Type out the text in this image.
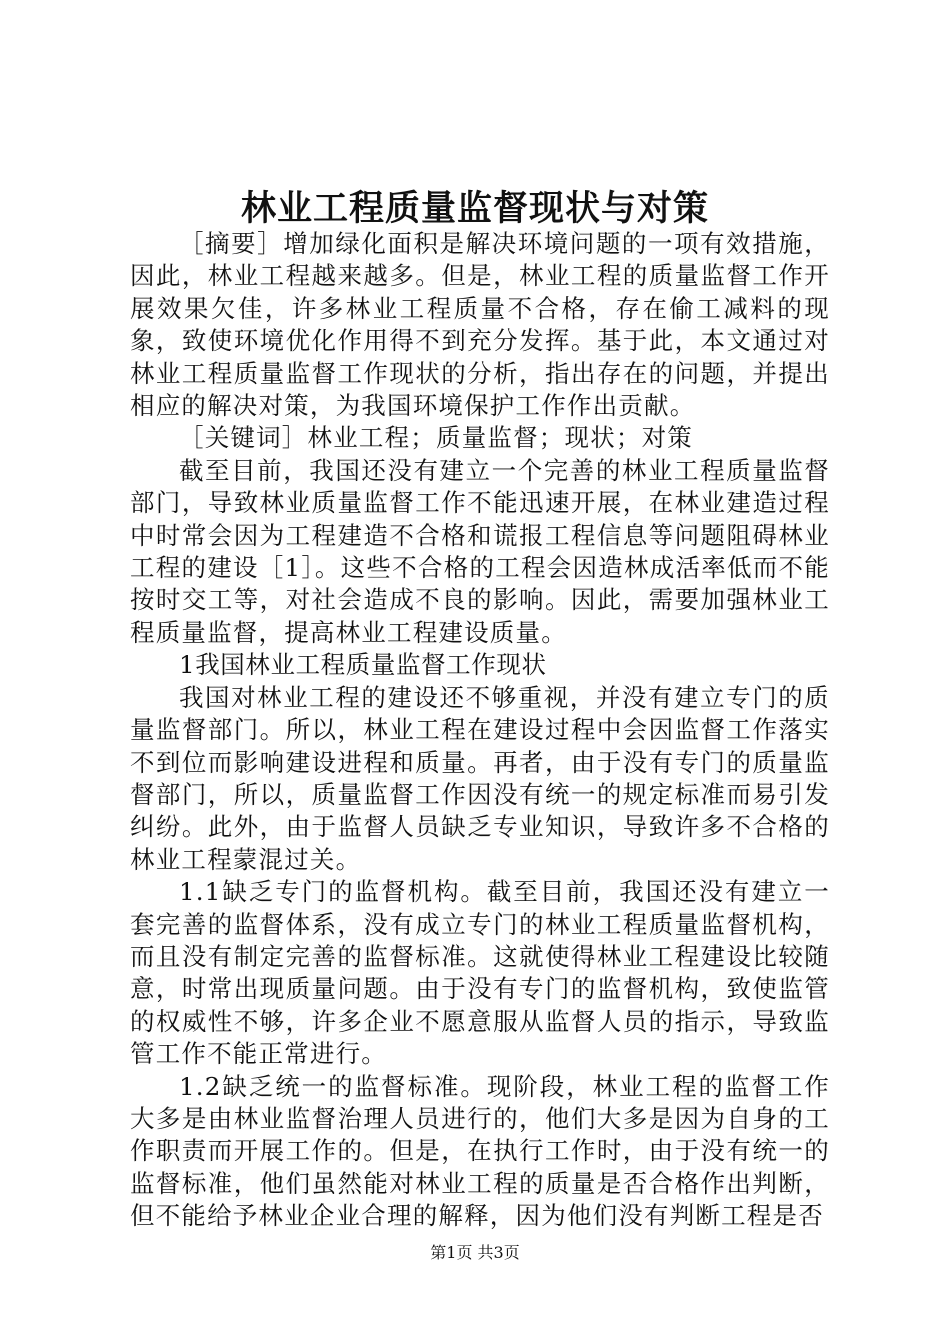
林业工程质量监督现状与对策

［摘要］增加绿化面积是解决环境问题的一项有效措施，因此，林业工程越来越多。但是，林业工程的质量监督工作开展效果欠佳，许多林业工程质量不合格，存在偷工减料的现象，致使环境优化作用得不到充分发挥。基于此，本文通过对林业工程质量监督工作现状的分析，指出存在的问题，并提出相应的解决对策，为我国环境保护工作作出贡献。

［关键词］林业工程；质量监督；现状；对策

截至目前，我国还没有建立一个完善的林业工程质量监督部门，导致林业质量监督工作不能迅速开展，在林业建造过程中时常会因为工程建造不合格和谎报工程信息等问题阻碍林业工程的建设［1］。这些不合格的工程会因造林成活率低而不能按时交工等，对社会造成不良的影响。因此，需要加强林业工程质量监督，提高林业工程建设质量。

1我国林业工程质量监督工作现状

我国对林业工程的建设还不够重视，并没有建立专门的质量监督部门。所以，林业工程在建设过程中会因监督工作落实不到位而影响建设进程和质量。再者，由于没有专门的质量监督部门，所以，质量监督工作因没有统一的规定标准而易引发纠纷。此外，由于监督人员缺乏专业知识，导致许多不合格的林业工程蒙混过关。

1.1缺乏专门的监督机构。截至目前，我国还没有建立一套完善的监督体系，没有成立专门的林业工程质量监督机构，而且没有制定完善的监督标准。这就使得林业工程建设比较随意，时常出现质量问题。由于没有专门的监督机构，致使监管的权威性不够，许多企业不愿意服从监督人员的指示，导致监管工作不能正常进行。

1.2缺乏统一的监督标准。现阶段，林业工程的监督工作大多是由林业监督治理人员进行的，他们大多是因为自身的工作职责而开展工作的。但是，在执行工作时，由于没有统一的监督标准，他们虽然能对林业工程的质量是否合格作出判断，但不能给予林业企业合理的解释，因为他们没有判断工程是否

第1页 共3页
